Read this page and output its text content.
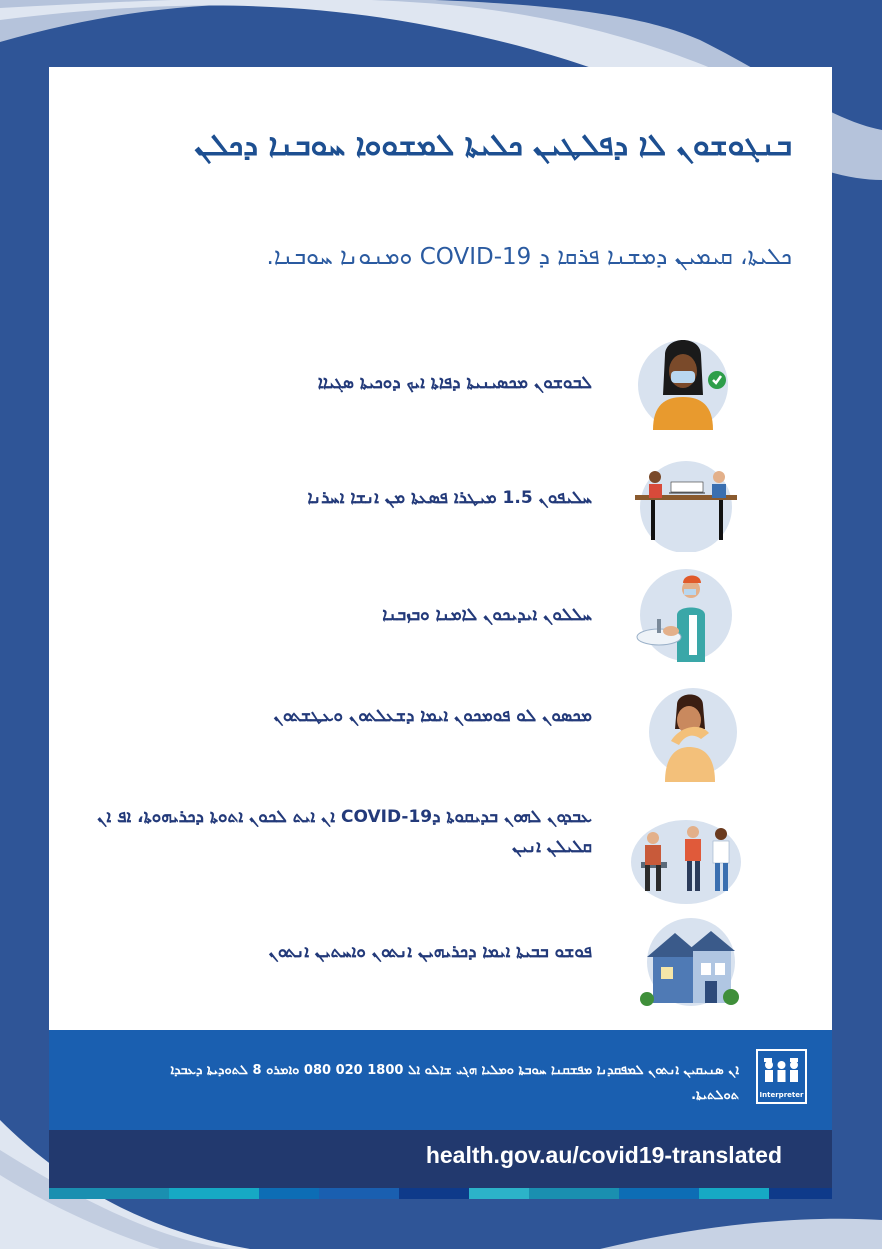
ܒܢܓܘܫܘܢ ܠܐ ܕܦܠܛܝܢ ܟܠܝܬܐ ܠܡܫܘܘܐ ܚܘܒܢܐ ܕܟܠܢ

ܟܠܝܬܐ، ܩܝܡܝܢ ܕܡܫܢܐ ܦܪܩܐ ܕ COVID-19 ܘܡܢܘܢܐ ܚܘܒܢܐ.

ܠܒܘܫܘܢ ܡܟܣܝܢܝܬܐ ܕܦܐܬܐ ܐܝܟ ܕܘܟܝܬܐ ܣܓܝܐܐ
ܚܠܝܦܘܢ 1.5 ܡܝܛܪܐ ܦܣܥܬܐ ܡܢ ܐܢܫܐ ܐܚܪܢܐ
ܚܠܠܘܢ ܐܝܕܝܟܘܢ ܠܐܡܢܐ ܘܒܙܒܢܐ
ܡܟܣܘܢ ܠܘ ܦܘܡܟܘܢ ܐܝܡܐ ܕܫܥܠܬܘܢ ܘܥܛܫܬܘܢ
ܥܒܕܘܢ ܠܗܘܢ ܒܕܝܩܘܬܐ ܕCOVID-19 ܐܢ ܐܝܬ ܠܟܘܢ ܐܬܘܬܐ ܕܟܪܝܗܘܬܐ، ܐܦ ܐܢ ܩܠܝܠܢ ܐܢܝܢ
ܦܘܫܘ ܒܒܝܬܐ ܐܝܡܐ ܕܟܪܝܗܝܢ ܐܢܬܘܢ ܘܐܚܬܝܢ ܐܢܬܘܢ
ܐܢ ܣܢܝܩܝܢ ܐܢܬܘܢ ܠܡܦܩܕܢܐ ܡܦܫܩܢܐ ܚܘܒܬܐ ܘܡܠܝܐ ܗܓܝ ܫܐܠܘ ܐܠ 1800 020 080 ܘܐܡܪܘ 8 ܠܬܘܕܝܬܐ ܕܥܒܕܐ ܬܘܠܬܝܬܐ.	Interpreter
health.gov.au/covid19-translated
